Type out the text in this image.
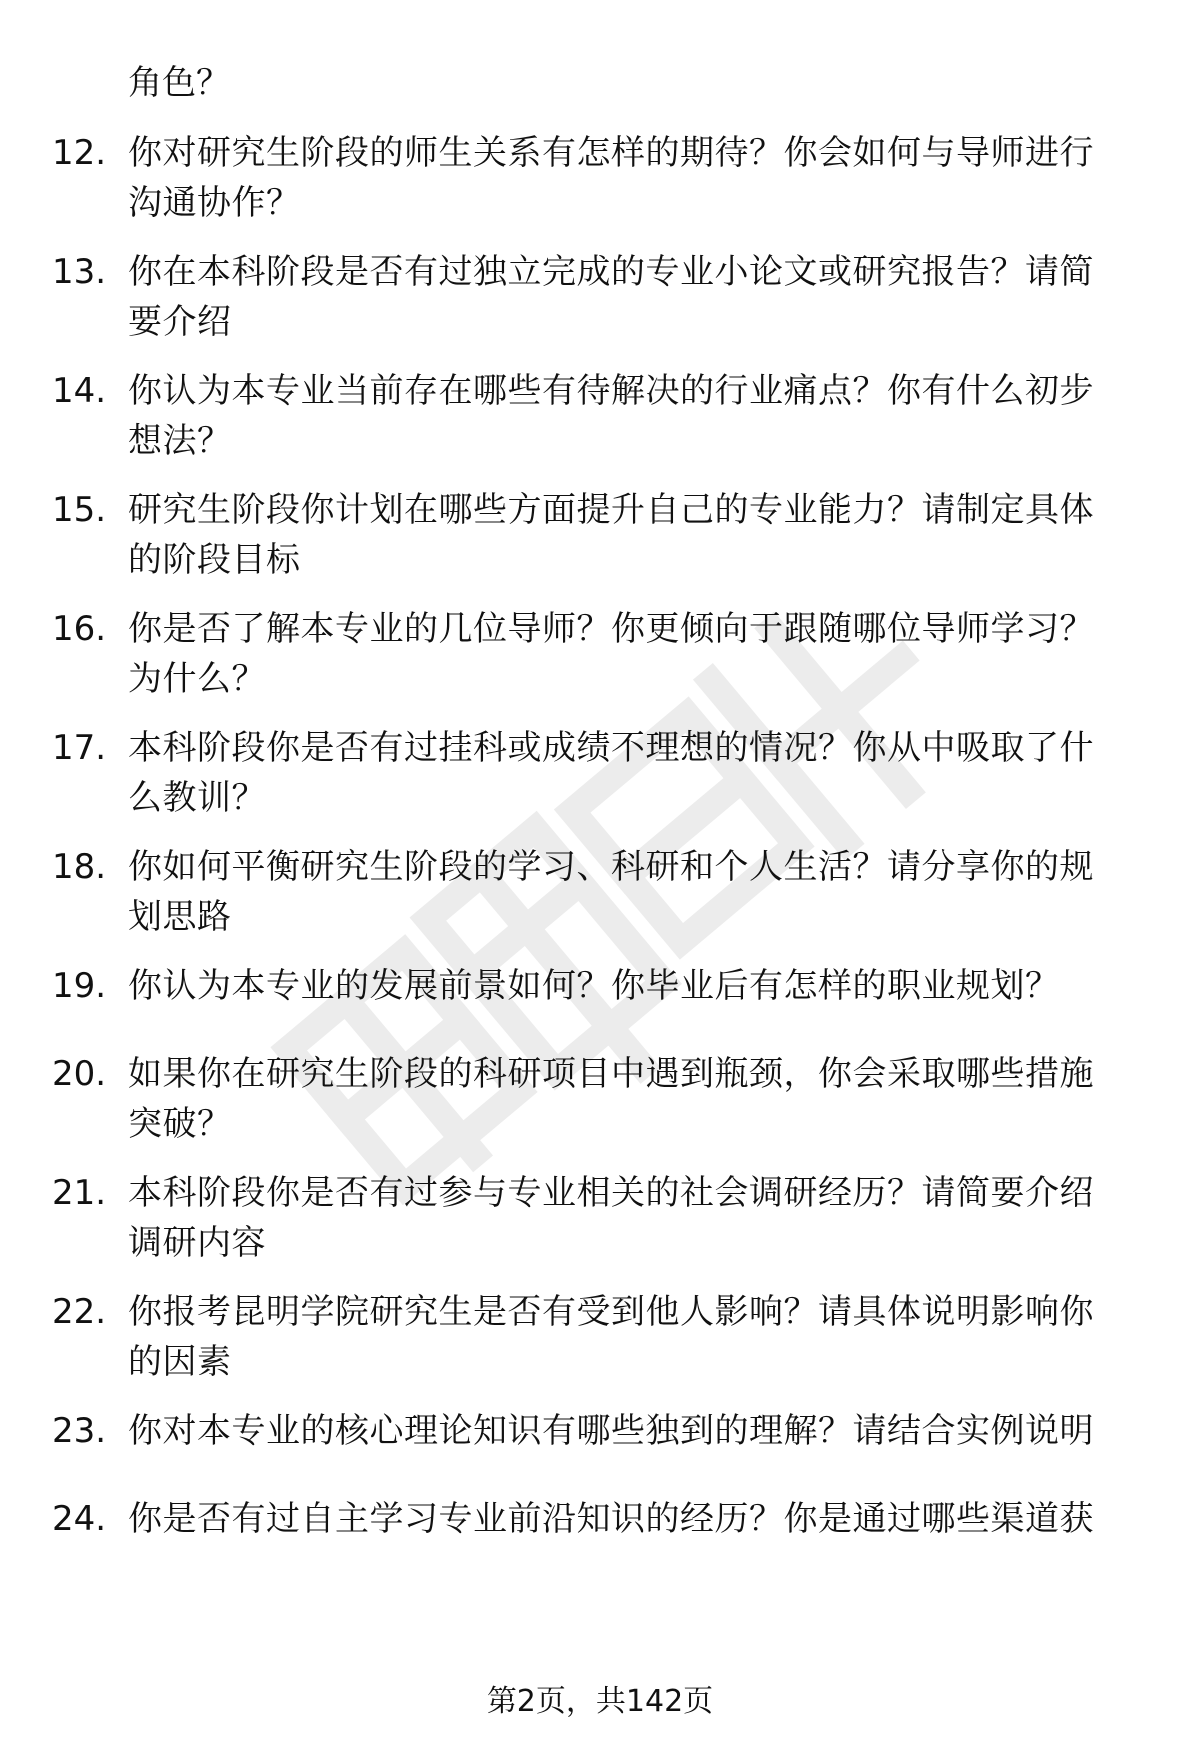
角色？
12. 你对研究生阶段的师生关系有怎样的期待？你会如何与导师进行
沟通协作？
13. 你在本科阶段是否有过独立完成的专业小论文或研究报告？请简
要介绍
14. 你认为本专业当前存在哪些有待解决的行业痛点？你有什么初步
想法？
15. 研究生阶段你计划在哪些方面提升自己的专业能力？请制定具体
的阶段目标
16. 你是否了解本专业的几位导师？你更倾向于跟随哪位导师学习？
为什么？
17. 本科阶段你是否有过挂科或成绩不理想的情况？你从中吸取了什
么教训？
18. 你如何平衡研究生阶段的学习、科研和个人生活？请分享你的规
划思路
19. 你认为本专业的发展前景如何？你毕业后有怎样的职业规划？
20. 如果你在研究生阶段的科研项目中遇到瓶颈，你会采取哪些措施
突破？
21. 本科阶段你是否有过参与专业相关的社会调研经历？请简要介绍
调研内容
22. 你报考昆明学院研究生是否有受到他人影响？请具体说明影响你
的因素
23. 你对本专业的核心理论知识有哪些独到的理解？请结合实例说明
24. 你是否有过自主学习专业前沿知识的经历？你是通过哪些渠道获
第2页，共142页
